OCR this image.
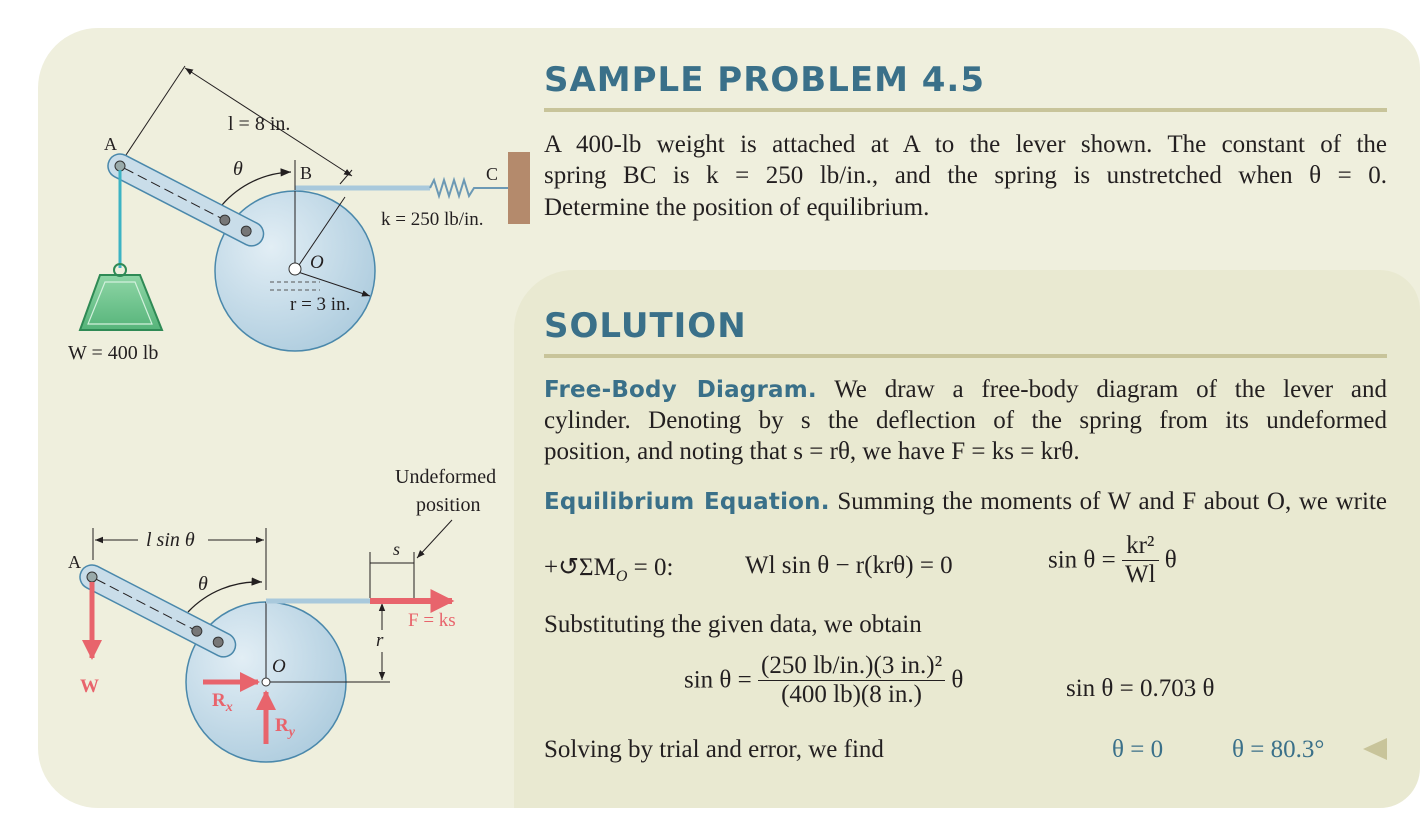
l = 8 in.
A
θ	B	C
k = 250 lb/in.
O
r = 3 in.
W = 400 lb
Undeformed
position
l sin θ
A
θ
s
F = ks
r
O
W
$R_x$
$R_y$
SAMPLE PROBLEM 4.5
A 400-lb weight is attached at A to the lever shown. The constant of the
spring BC is k = 250 lb/in., and the spring is unstretched when θ = 0.
Determine the position of equilibrium.
SOLUTION
Free-Body Diagram. We draw a free-body diagram of the lever and
cylinder. Denoting by s the deflection of the spring from its undeformed
position, and noting that s = rθ, we have F = ks = krθ.
Equilibrium Equation. Summing the moments of W and F about O, we write
$+↺\Sigma M_O = 0$:	Wl sin θ − r(krθ) = 0	$\sin \theta = \frac{\text{kr²}}{Wl}$ θ
Substituting the given data, we obtain
$\sin \theta = \frac{\text{(250 lb/in.)(3 in.)²}}{(400 lb)(8 in.)}$ θ	sin θ = 0.703 θ
Solving by trial and error, we find	θ = 0	θ = 80.3°
